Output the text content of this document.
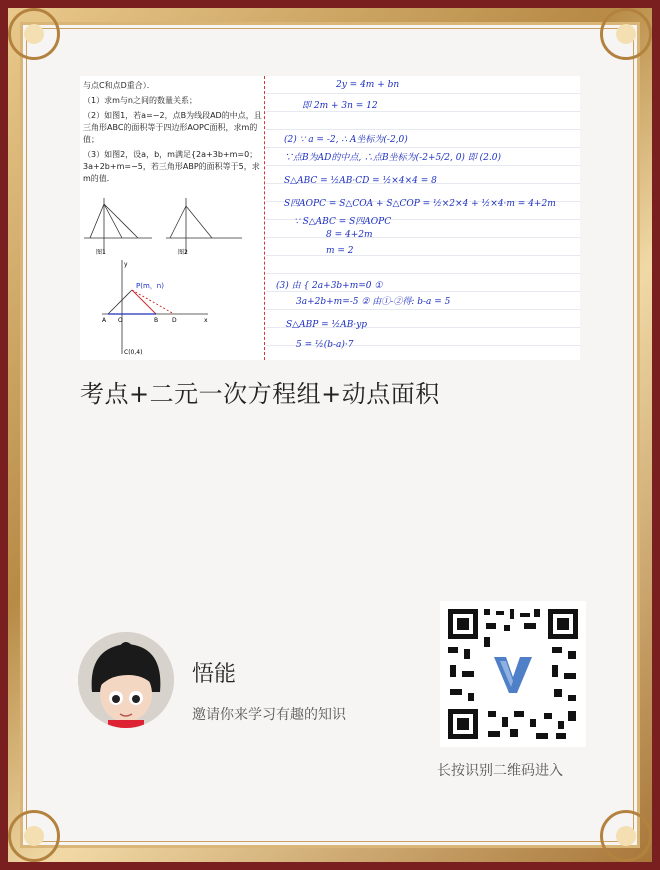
与点C和点D重合）．

（1）求m与n之间的数量关系；

（2）如图1，若a=−2，点B为线段AD的中点，且三角形ABC的面积等于四边形AOPC面积，求m的值；

（3）如图2，设a，b，m满足{2a+3b+m=0；3a+2b+m=−5，若三角形ABP的面积等于5，求m的值．

图1	图2
P(m，n)
A O	B D	x
y
C(0,4)
2y = 4m + bn
即 2m + 3n = 12
(2) ∵ a = -2, ∴ A坐标为(-2,0)
∵点B为AD的中点, ∴点B坐标为(-2+5/2, 0) 即 (2.0)
S△ABC = ½AB·CD = ½×4×4 = 8
S四AOPC = S△COA + S△COP = ½×2×4 + ½×4·m = 4+2m
∵ S△ABC = S四AOPC
8 = 4+2m
m = 2
(3) 由 { 2a+3b+m=0 ①
3a+2b+m=-5 ② 由①-②得: b-a = 5
S△ABP = ½AB·yp
5 = ½(b-a)·7
考点+二元一次方程组+动点面积
悟能
邀请你来学习有趣的知识
长按识别二维码进入
